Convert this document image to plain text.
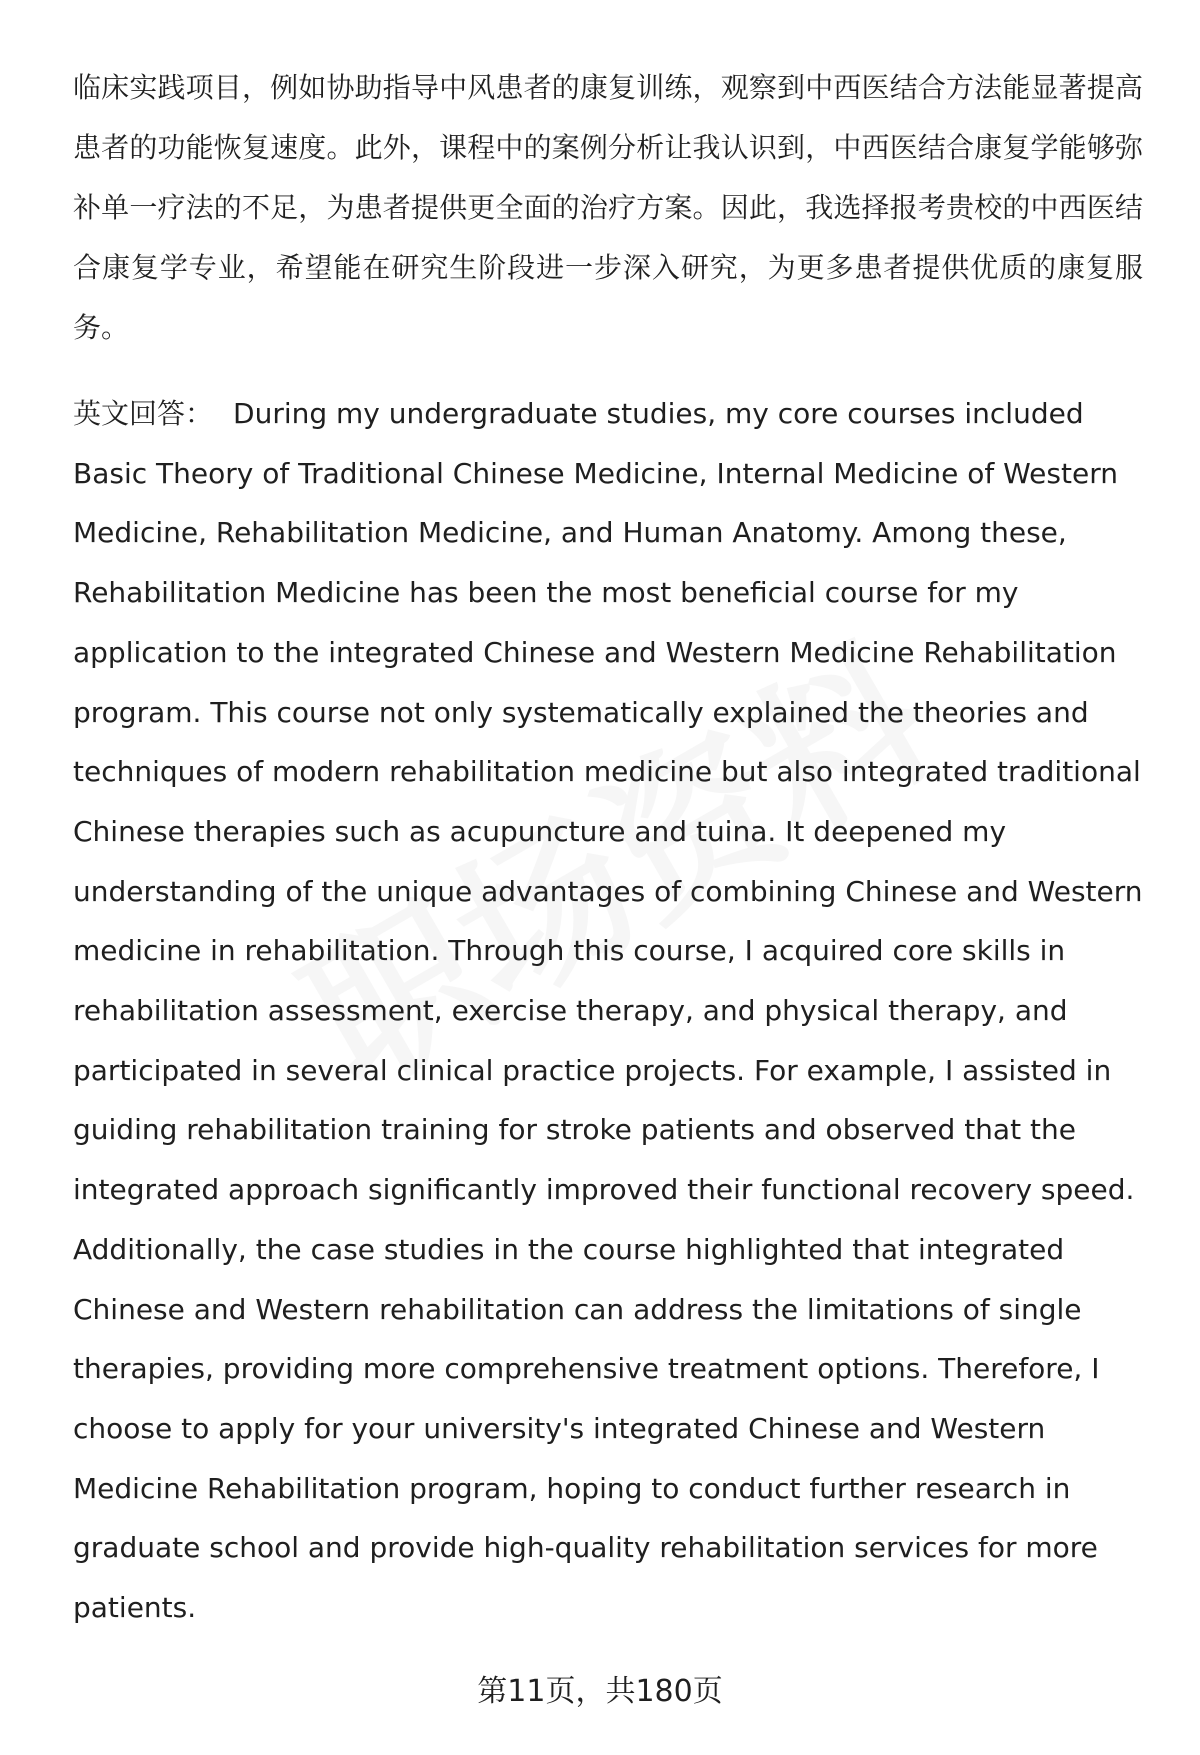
临床实践项目，例如协助指导中风患者的康复训练，观察到中西医结合方法能显著提高患者的功能恢复速度。此外，课程中的案例分析让我认识到，中西医结合康复学能够弥补单一疗法的不足，为患者提供更全面的治疗方案。因此，我选择报考贵校的中西医结合康复学专业，希望能在研究生阶段进一步深入研究，为更多患者提供优质的康复服务。

英文回答： During my undergraduate studies, my core courses included Basic Theory of Traditional Chinese Medicine, Internal Medicine of Western Medicine, Rehabilitation Medicine, and Human Anatomy. Among these, Rehabilitation Medicine has been the most beneficial course for my application to the integrated Chinese and Western Medicine Rehabilitation program. This course not only systematically explained the theories and techniques of modern rehabilitation medicine but also integrated traditional Chinese therapies such as acupuncture and tuina. It deepened my understanding of the unique advantages of combining Chinese and Western medicine in rehabilitation. Through this course, I acquired core skills in rehabilitation assessment, exercise therapy, and physical therapy, and participated in several clinical practice projects. For example, I assisted in guiding rehabilitation training for stroke patients and observed that the integrated approach significantly improved their functional recovery speed. Additionally, the case studies in the course highlighted that integrated Chinese and Western rehabilitation can address the limitations of single therapies, providing more comprehensive treatment options. Therefore, I choose to apply for your university's integrated Chinese and Western Medicine Rehabilitation program, hoping to conduct further research in graduate school and provide high-quality rehabilitation services for more patients.

第11页，共180页
